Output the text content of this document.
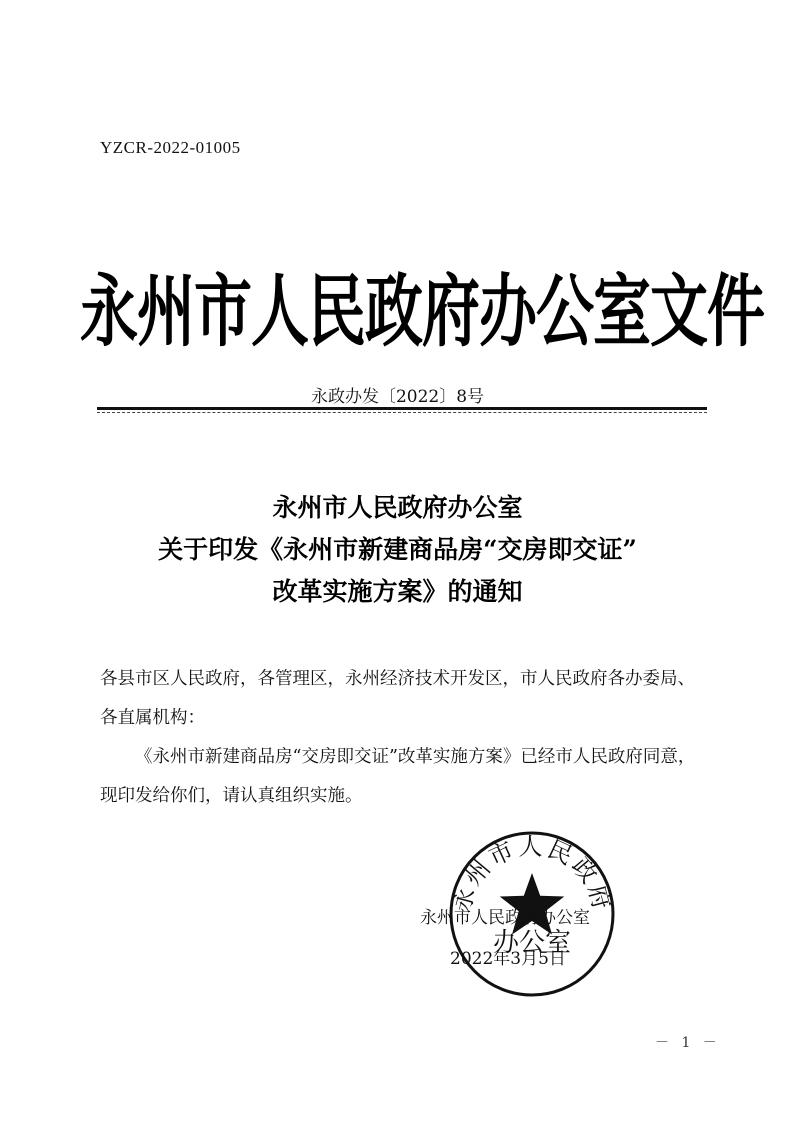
YZCR-2022-01005
永州市人民政府办公室文件
永政办发〔2022〕8号
永州市人民政府办公室
关于印发《永州市新建商品房“交房即交证”
改革实施方案》的通知

各县市区人民政府，各管理区，永州经济技术开发区，市人民政府各办委局、各直属机构：

《永州市新建商品房“交房即交证”改革实施方案》已经市人民政府同意，现印发给你们，请认真组织实施。

永州市人民政府
办公室
永州市人民政府办公室
2022年3月5日
－ 1 －
